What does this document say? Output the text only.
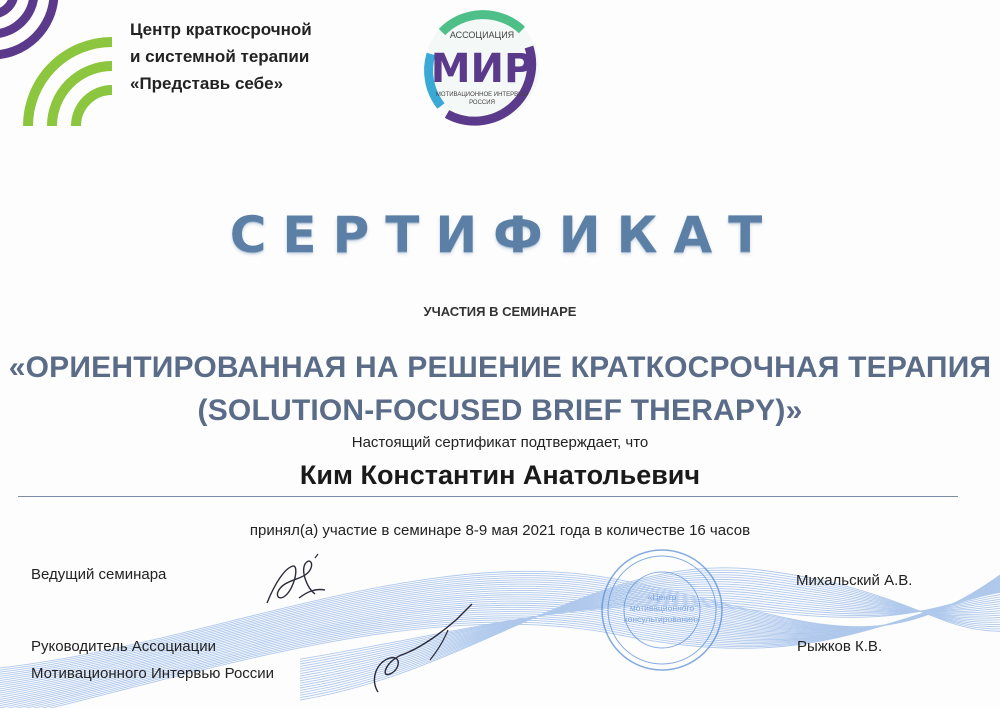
Центр краткосрочной
и системной терапии
«Представь себе»
АССОЦИАЦИЯ
МИР
МОТИВАЦИОННОЕ ИНТЕРВЬЮ
РОССИЯ
СЕРТИФИКАТ
УЧАСТИЯ В СЕМИНАРЕ
«ОРИЕНТИРОВАННАЯ НА РЕШЕНИЕ КРАТКОСРОЧНАЯ ТЕРАПИЯ
(SOLUTION-FOCUSED BRIEF THERAPY)»
Настоящий сертификат подтверждает, что
Ким Константин Анатольевич
принял(а) участие в семинаре 8-9 мая 2021 года в количестве 16 часов
Ведущий семинара
Руководитель Ассоциации
Мотивационного Интервью России
Михальский А.В.
Рыжков К.В.
«Центр
мотивационного
консультирования»
